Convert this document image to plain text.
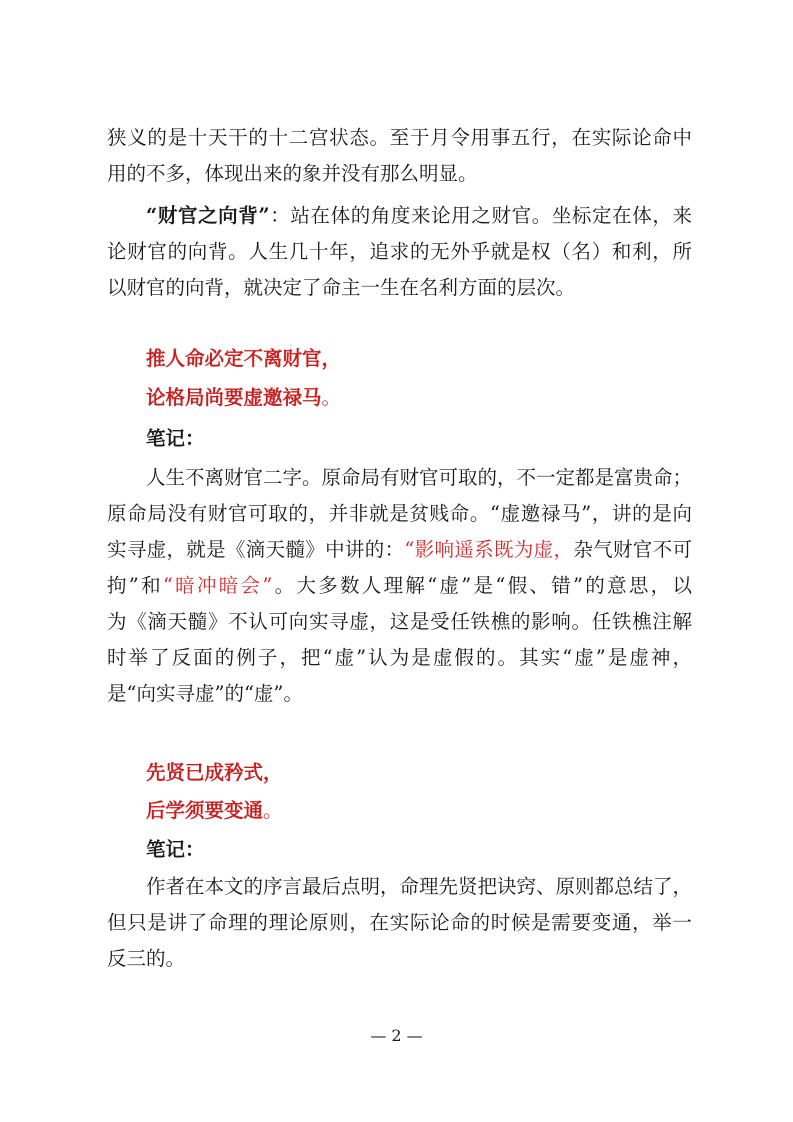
狭义的是十天干的十二宫状态。至于月令用事五行，在实际论命中
用的不多，体现出来的象并没有那么明显。
“财官之向背”：站在体的角度来论用之财官。坐标定在体，来
论财官的向背。人生几十年，追求的无外乎就是权（名）和利，所
以财官的向背，就决定了命主一生在名利方面的层次。
推人命必定不离财官，
论格局尚要虚邀禄马。
笔记：
人生不离财官二字。原命局有财官可取的，不一定都是富贵命；
原命局没有财官可取的，并非就是贫贱命。“虚邀禄马”，讲的是向
实寻虚，就是《滴天髓》中讲的：“影响遥系既为虚，杂气财官不可
拘”和“暗冲暗会”。大多数人理解“虚”是“假、错”的意思，以
为《滴天髓》不认可向实寻虚，这是受任铁樵的影响。任铁樵注解
时举了反面的例子，把“虚”认为是虚假的。其实“虚”是虚神，
是“向实寻虚”的“虚”。
先贤已成矜式，
后学须要变通。
笔记：
作者在本文的序言最后点明，命理先贤把诀窍、原则都总结了，
但只是讲了命理的理论原则，在实际论命的时候是需要变通，举一
反三的。
— 2 —
